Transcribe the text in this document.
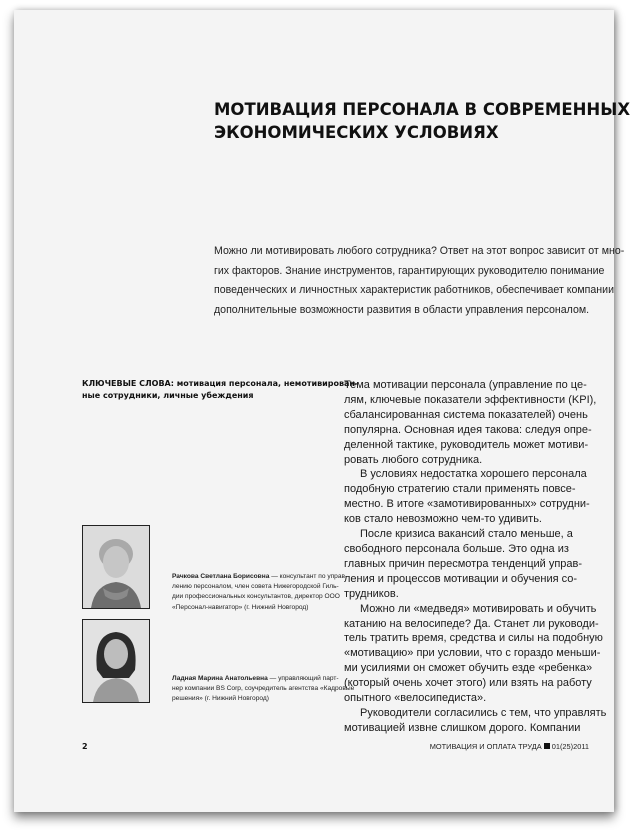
МОТИВАЦИЯ ПЕРСОНАЛА В СОВРЕМЕННЫХ
ЭКОНОМИЧЕСКИХ УСЛОВИЯХ
Можно ли мотивировать любого сотрудника? Ответ на этот вопрос зависит от мно-
гих факторов. Знание инструментов, гарантирующих руководителю понимание
поведенческих и личностных характеристик работников, обеспечивает компании
дополнительные возможности развития в области управления персоналом.
КЛЮЧЕВЫЕ СЛОВА: мотивация персонала, немотивирован-
ные сотрудники, личные убеждения
Рачкова Светлана Борисовна — консультант по управ-
лению персоналом, член совета Нижегородской Гиль-
дии профессиональных консультантов, директор ООО
«Персонал-навигатор» (г. Нижний Новгород)
Ладная Марина Анатольевна — управляющий парт-
нер компании BS Corp, соучредитель агентства «Кадровые
решения» (г. Нижний Новгород)
Тема мотивации персонала (управление по це-
лям, ключевые показатели эффективности (KPI),
сбалансированная система показателей) очень
популярна. Основная идея такова: следуя опре-
деленной тактике, руководитель может мотиви-
ровать любого сотрудника.
В условиях недостатка хорошего персонала
подобную стратегию стали применять повсе-
местно. В итоге «замотивированных» сотрудни-
ков стало невозможно чем-то удивить.
После кризиса вакансий стало меньше, а
свободного персонала больше. Это одна из
главных причин пересмотра тенденций управ-
ления и процессов мотивации и обучения со-
трудников.
Можно ли «медведя» мотивировать и обучить
катанию на велосипеде? Да. Станет ли руководи-
тель тратить время, средства и силы на подобную
«мотивацию» при условии, что с гораздо меньши-
ми усилиями он сможет обучить езде «ребенка»
(который очень хочет этого) или взять на работу
опытного «велосипедиста».
Руководители согласились с тем, что управлять
мотивацией извне слишком дорого. Компании
2	МОТИВАЦИЯ И ОПЛАТА ТРУДА 01(25)2011
